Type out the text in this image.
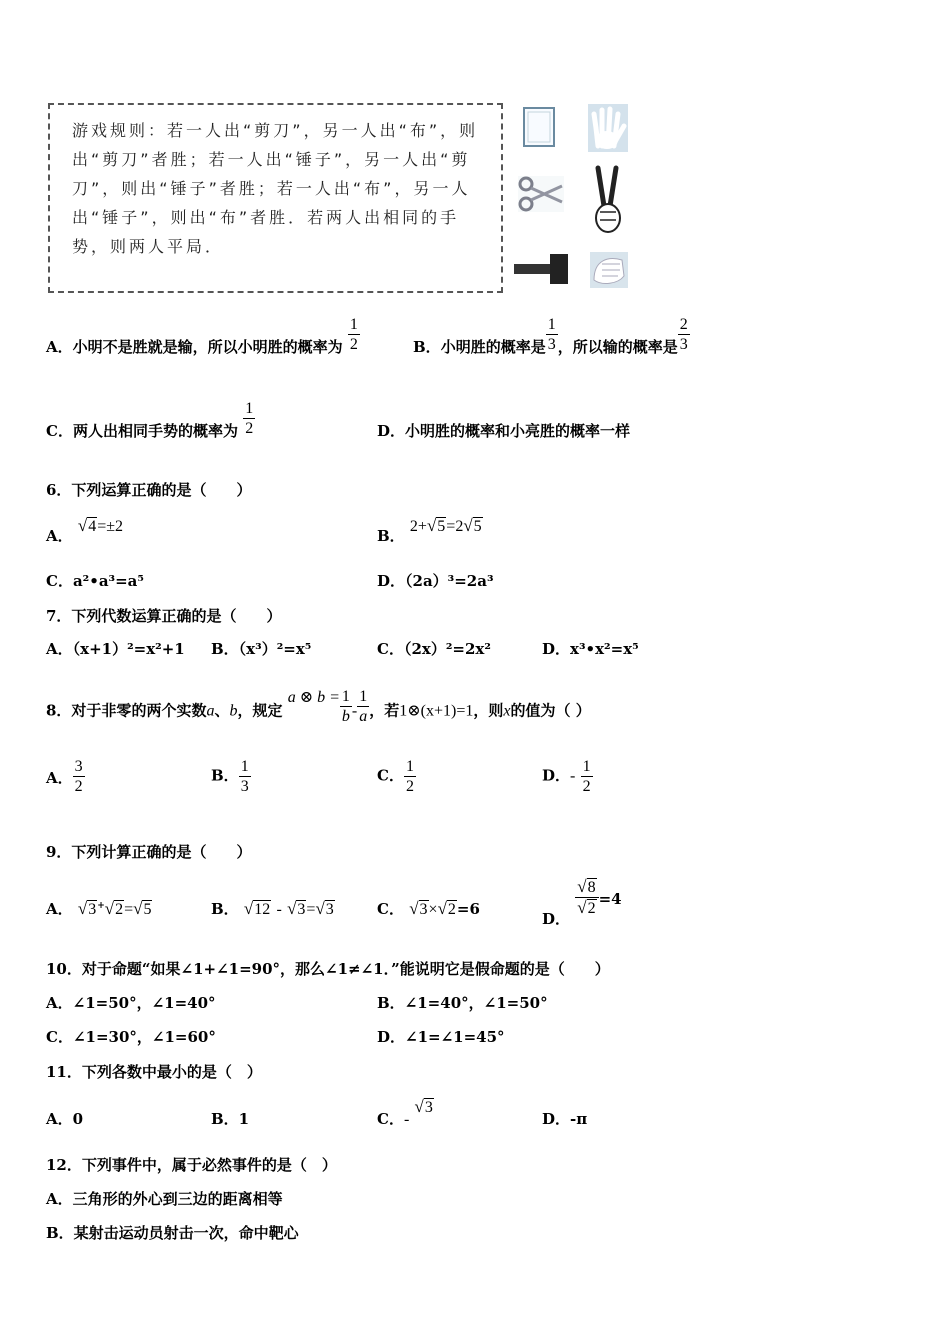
游戏规则：若一人出“剪刀”，另一人出“布”，则出“剪刀”者胜；若一人出“锤子”，另一人出“剪刀”，则出“锤子”者胜；若一人出“布”，另一人出“锤子”，则出“布”者胜．若两人出相同的手势，则两人平局．
A．小明不是胜就是输，所以小明胜的概率为 $\frac{1}{2}$	B．小明胜的概率是 $\frac{1}{3}$ ，所以输的概率是 $\frac{2}{3}$
C．两人出相同手势的概率为 $\frac{1}{2}$	D．小明胜的概率和小亮胜的概率一样
6．下列运算正确的是（　　）
A． √4=±2
B． 2+√5=2√5
C．a²•a³=a⁵	D．（2a）³=2a³
7．下列代数运算正确的是（　　）
A．（x+1）²=x²+1 B．（x³）²=x⁵	C．（2x）²=2x²	D．x³•x²=x⁵
8．对于非零的两个实数a、b，规定 a ⊗ $b = \frac{1}{b} - \frac{1}{a}$ ，若1⊗(x+1)=1，则x的值为（ ）
A． $\frac{3}{2}$	B． $\frac{1}{3}$	C． $\frac{1}{2}$	D．- $\frac{1}{2}$
9．下列计算正确的是（　　）
A． √3+√2=√5	B． √12 - √3=√3	C． √3×√2=6
D．
$\frac{√8}{√2} =4$
10．对于命题“如果∠1+∠1=90°，那么∠1≠∠1．”能说明它是假命题的是（　　）
A．∠1=50°，∠1=40°	B．∠1=40°，∠1=50°
C．∠1=30°，∠1=60°	D．∠1=∠1=45°
11．下列各数中最小的是（　）
A．0	B．1	C．- √3
D．-π
12．下列事件中，属于必然事件的是（　）
A．三角形的外心到三边的距离相等
B．某射击运动员射击一次，命中靶心
